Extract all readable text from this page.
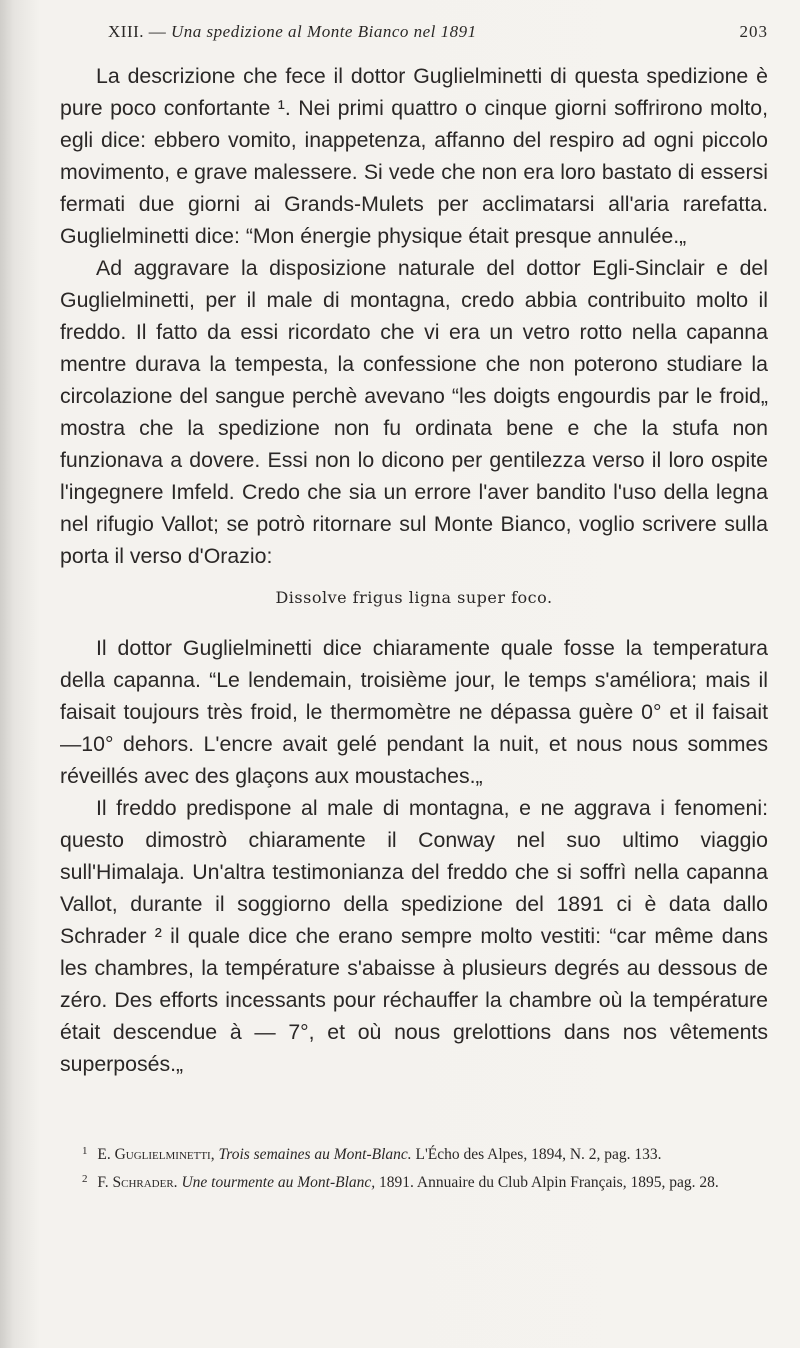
XIII. — Una spedizione al Monte Bianco nel 1891	203

La descrizione che fece il dottor Guglielminetti di questa spedizione è pure poco confortante ¹. Nei primi quattro o cinque giorni soffrirono molto, egli dice: ebbero vomito, inappetenza, affanno del respiro ad ogni piccolo movimento, e grave malessere. Si vede che non era loro bastato di essersi fermati due giorni ai Grands-Mulets per acclimatarsi all'aria rarefatta. Guglielminetti dice: “Mon énergie physique était presque annulée.„

Ad aggravare la disposizione naturale del dottor Egli-Sinclair e del Guglielminetti, per il male di montagna, credo abbia contribuito molto il freddo. Il fatto da essi ricordato che vi era un vetro rotto nella capanna mentre durava la tempesta, la confessione che non poterono studiare la circolazione del sangue perchè avevano “les doigts engourdis par le froid„ mostra che la spedizione non fu ordinata bene e che la stufa non funzionava a dovere. Essi non lo dicono per gentilezza verso il loro ospite l'ingegnere Imfeld. Credo che sia un errore l'aver bandito l'uso della legna nel rifugio Vallot; se potrò ritornare sul Monte Bianco, voglio scrivere sulla porta il verso d'Orazio:

Dissolve frigus ligna super foco.

Il dottor Guglielminetti dice chiaramente quale fosse la temperatura della capanna. “Le lendemain, troisième jour, le temps s'améliora; mais il faisait toujours très froid, le thermomètre ne dépassa guère 0° et il faisait —10° dehors. L'encre avait gelé pendant la nuit, et nous nous sommes réveillés avec des glaçons aux moustaches.„

Il freddo predispone al male di montagna, e ne aggrava i fenomeni: questo dimostrò chiaramente il Conway nel suo ultimo viaggio sull'Himalaja. Un'altra testimonianza del freddo che si soffrì nella capanna Vallot, durante il soggiorno della spedizione del 1891 ci è data dallo Schrader ² il quale dice che erano sempre molto vestiti: “car même dans les chambres, la température s'abaisse à plusieurs degrés au dessous de zéro. Des efforts incessants pour réchauffer la chambre où la température était descendue à — 7°, et où nous grelottions dans nos vêtements superposés.„

$^1$ E. Guglielminetti, Trois semaines au Mont-Blanc. L'Écho des Alpes, 1894, N. 2, pag. 133.

$^2$ F. Schrader. Une tourmente au Mont-Blanc, 1891. Annuaire du Club Alpin Français, 1895, pag. 28.
